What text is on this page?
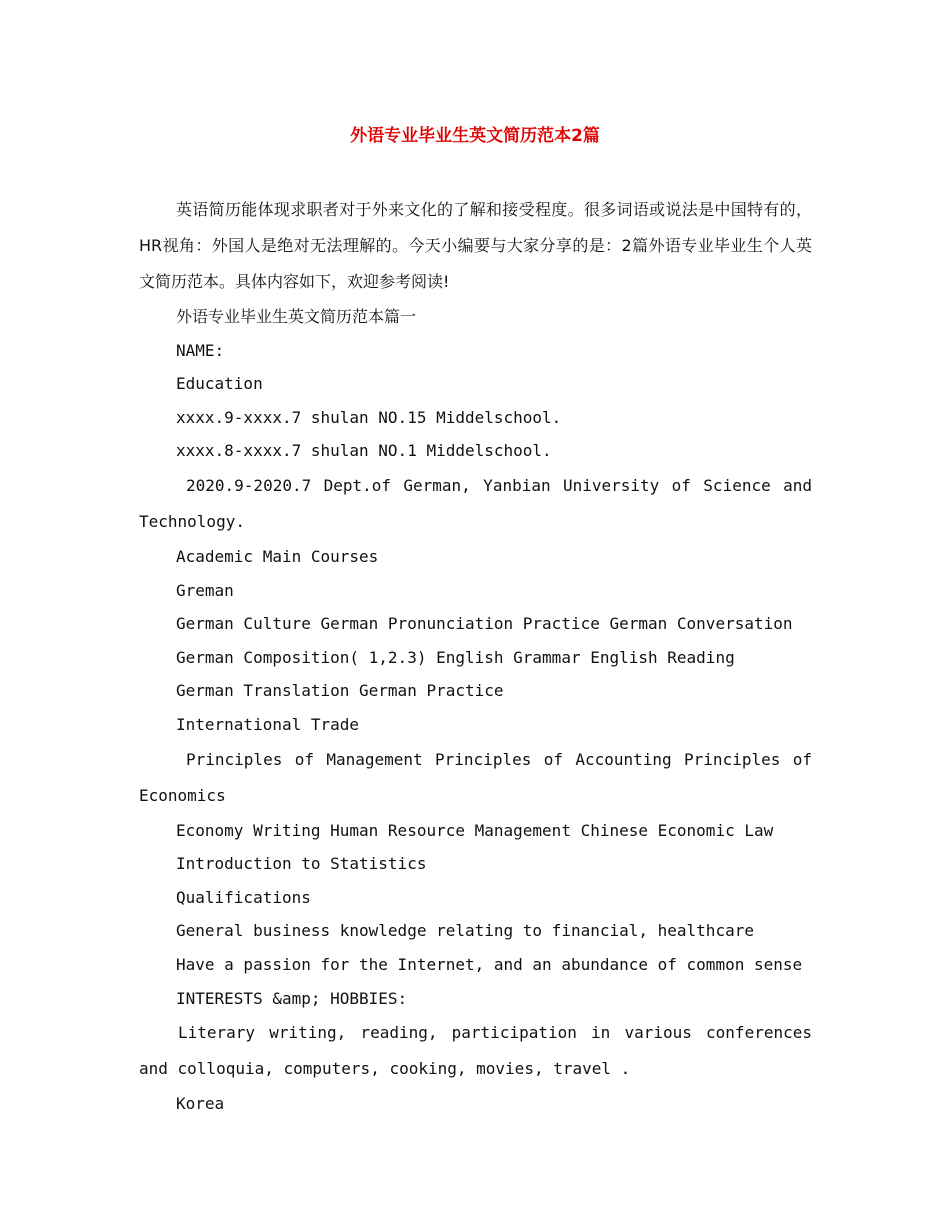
外语专业毕业生英文简历范本2篇

英语简历能体现求职者对于外来文化的了解和接受程度。很多词语或说法是中国特有的，HR视角：外国人是绝对无法理解的。今天小编要与大家分享的是：2篇外语专业毕业生个人英文简历范本。具体内容如下，欢迎参考阅读!

外语专业毕业生英文简历范本篇一

NAME:

Education

xxxx.9-xxxx.7 shulan NO.15 Middelschool.

xxxx.8-xxxx.7 shulan NO.1 Middelschool.

2020.9-2020.7 Dept.of German, Yanbian University of Science and Technology.

Academic Main Courses

Greman

German Culture German Pronunciation Practice German Conversation

German Composition( 1,2.3) English Grammar English Reading

German Translation German Practice

International Trade

Principles of Management Principles of Accounting Principles of Economics

Economy Writing Human Resource Management Chinese Economic Law

Introduction to Statistics

Qualifications

General business knowledge relating to financial, healthcare

Have a passion for the Internet, and an abundance of common sense

INTERESTS &amp; HOBBIES:

Literary writing, reading, participation in various conferences and colloquia, computers, cooking, movies, travel .

Korea
